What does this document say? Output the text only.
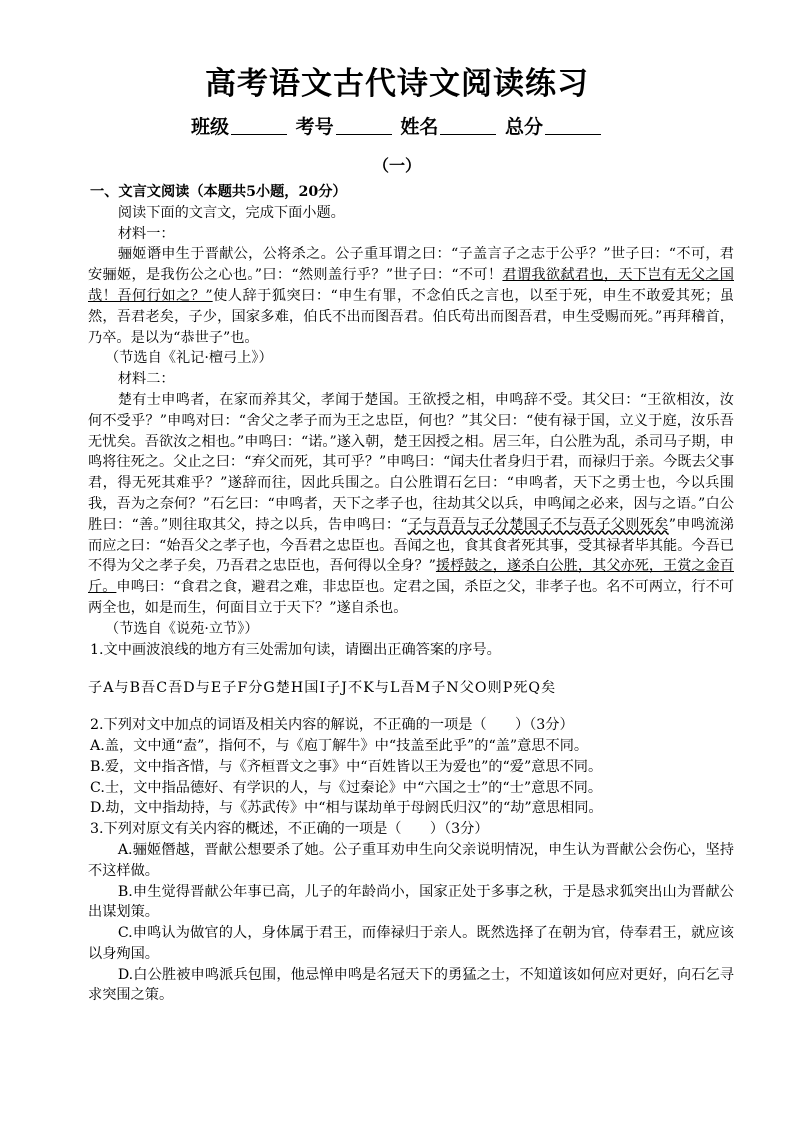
高考语文古代诗文阅读练习
班级	考号	姓名	总分
（一）

一、文言文阅读（本题共5小题，20分）

阅读下面的文言文，完成下面小题。

材料一：

骊姬谮申生于晋献公，公将杀之。公子重耳谓之曰：“子盖言子之志于公乎？”世子曰：“不可，君安骊姬，是我伤公之心也。”曰：“然则盖行乎？”世子曰：“不可！君谓我欲弑君也，天下岂有无父之国哉！吾何行如之？”使人辞于狐突曰：“申生有罪，不念伯氏之言也，以至于死，申生不敢爱其死；虽然，吾君老矣，子少，国家多难，伯氏不出而图吾君。伯氏苟出而图吾君，申生受赐而死。”再拜稽首，乃卒。是以为“恭世子”也。

（节选自《礼记·檀弓上》）

材料二：

楚有士申鸣者，在家而养其父，孝闻于楚国。王欲授之相，申鸣辞不受。其父曰：“王欲相汝，汝何不受乎？”申鸣对曰：“舍父之孝子而为王之忠臣，何也？”其父曰：“使有禄于国，立义于庭，汝乐吾无忧矣。吾欲汝之相也。”申鸣曰：“诺。”遂入朝，楚王因授之相。居三年，白公胜为乱，杀司马子期，申鸣将往死之。父止之曰：“弃父而死，其可乎？”申鸣曰：“闻夫仕者身归于君，而禄归于亲。今既去父事君，得无死其难乎？”遂辞而往，因此兵围之。白公胜谓石乞曰：“申鸣者，天下之勇士也，今以兵围我，吾为之奈何？”石乞曰：“申鸣者，天下之孝子也，往劫其父以兵，申鸣闻之必来，因与之语。”白公胜曰：“善。”则往取其父，持之以兵，告申鸣曰：“子与吾吾与子分楚国子不与吾子父则死矣”申鸣流涕而应之曰：“始吾父之孝子也，今吾君之忠臣也。吾闻之也，食其食者死其事，受其禄者毕其能。今吾已不得为父之孝子矣，乃吾君之忠臣也，吾何得以全身？”援桴鼓之，遂杀白公胜，其父亦死，王赏之金百斤。申鸣曰：“食君之食，避君之难，非忠臣也。定君之国，杀臣之父，非孝子也。名不可两立，行不可两全也，如是而生，何面目立于天下？”遂自杀也。

（节选自《说苑·立节》）

1.文中画波浪线的地方有三处需加句读，请圈出正确答案的序号。

子A与B吾C吾D与E子F分G楚H国I子J不K与L吾M子N父O则P死Q矣

2.下列对文中加点的词语及相关内容的解说，不正确的一项是（　　）（3分）

A.盖，文中通“盍”，指何不，与《庖丁解牛》中“技盖至此乎”的“盖”意思不同。

B.爱，文中指吝惜，与《齐桓晋文之事》中“百姓皆以王为爱也”的“爱”意思不同。

C.士，文中指品德好、有学识的人，与《过秦论》中“六国之士”的“士”意思不同。

D.劫，文中指劫持，与《苏武传》中“相与谋劫单于母阏氏归汉”的“劫”意思相同。

3.下列对原文有关内容的概述，不正确的一项是（　　）（3分）

A.骊姬僭越，晋献公想要杀了她。公子重耳劝申生向父亲说明情况，申生认为晋献公会伤心，坚持不这样做。

B.申生觉得晋献公年事已高，儿子的年龄尚小，国家正处于多事之秋，于是恳求狐突出山为晋献公出谋划策。

C.申鸣认为做官的人，身体属于君王，而俸禄归于亲人。既然选择了在朝为官，侍奉君王，就应该以身殉国。

D.白公胜被申鸣派兵包围，他忌惮申鸣是名冠天下的勇猛之士，不知道该如何应对更好，向石乞寻求突围之策。
